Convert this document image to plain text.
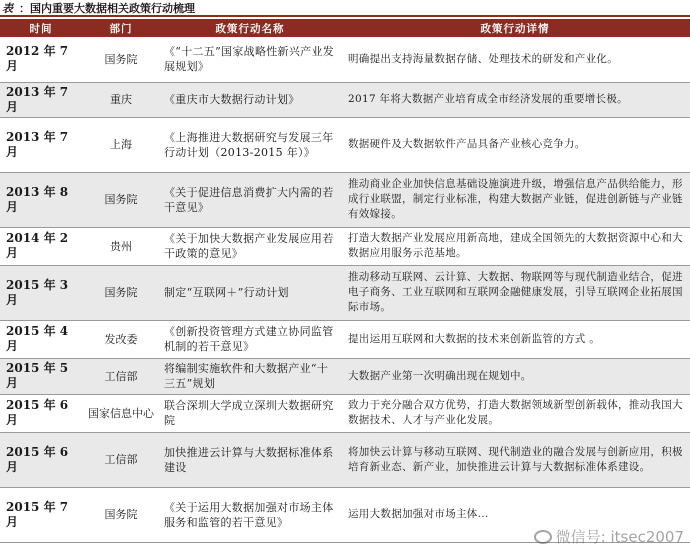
表 ：国内重要大数据相关政策行动梳理
时间	部门	政策行动名称	政策行动详情
2012 年 7 月	国务院	《“十二五”国家战略性新兴产业发展规划》	明确提出支持海量数据存储、处理技术的研发和产业化。
2013 年 7 月	重庆	《重庆市大数据行动计划》	2017 年将大数据产业培育成全市经济发展的重要增长极。
2013 年 7 月	上海	《上海推进大数据研究与发展三年行动计划（2013-2015 年）》	数据硬件及大数据软件产品具备产业核心竞争力。
2013 年 8 月	国务院	《关于促进信息消费扩大内需的若干意见》	推动商业企业加快信息基础设施演进升级，增强信息产品供给能力，形成行业联盟，制定行业标准，构建大数据产业链，促进创新链与产业链有效嫁接。
2014 年 2 月	贵州	《关于加快大数据产业发展应用若干政策的意见》	打造大数据产业发展应用新高地，建成全国领先的大数据资源中心和大数据应用服务示范基地。
2015 年 3 月	国务院	制定“互联网＋”行动计划	推动移动互联网、云计算、大数据、物联网等与现代制造业结合，促进电子商务、工业互联网和互联网金融健康发展，引导互联网企业拓展国际市场。
2015 年 4 月	发改委	《创新投资管理方式建立协同监管机制的若干意见》	提出运用互联网和大数据的技术来创新监管的方式 。
2015 年 5 月	工信部	将编制实施软件和大数据产业“十三五”规划	大数据产业第一次明确出现在规划中。
2015 年 6 月	国家信息中心	联合深圳大学成立深圳大数据研究院	致力于充分融合双方优势，打造大数据领域新型创新载体，推动我国大数据技术、人才与产业化发展。
2015 年 6 月	工信部	加快推进云计算与大数据标准体系建设	将加快云计算与移动互联网、现代制造业的融合发展与创新应用，积极培育新业态、新产业，加快推进云计算与大数据标准体系建设。
2015 年 7月	国务院	《关于运用大数据加强对市场主体服务和监管的若干意见》	运用大数据加强对市场主体...
微信号: itsec2007
